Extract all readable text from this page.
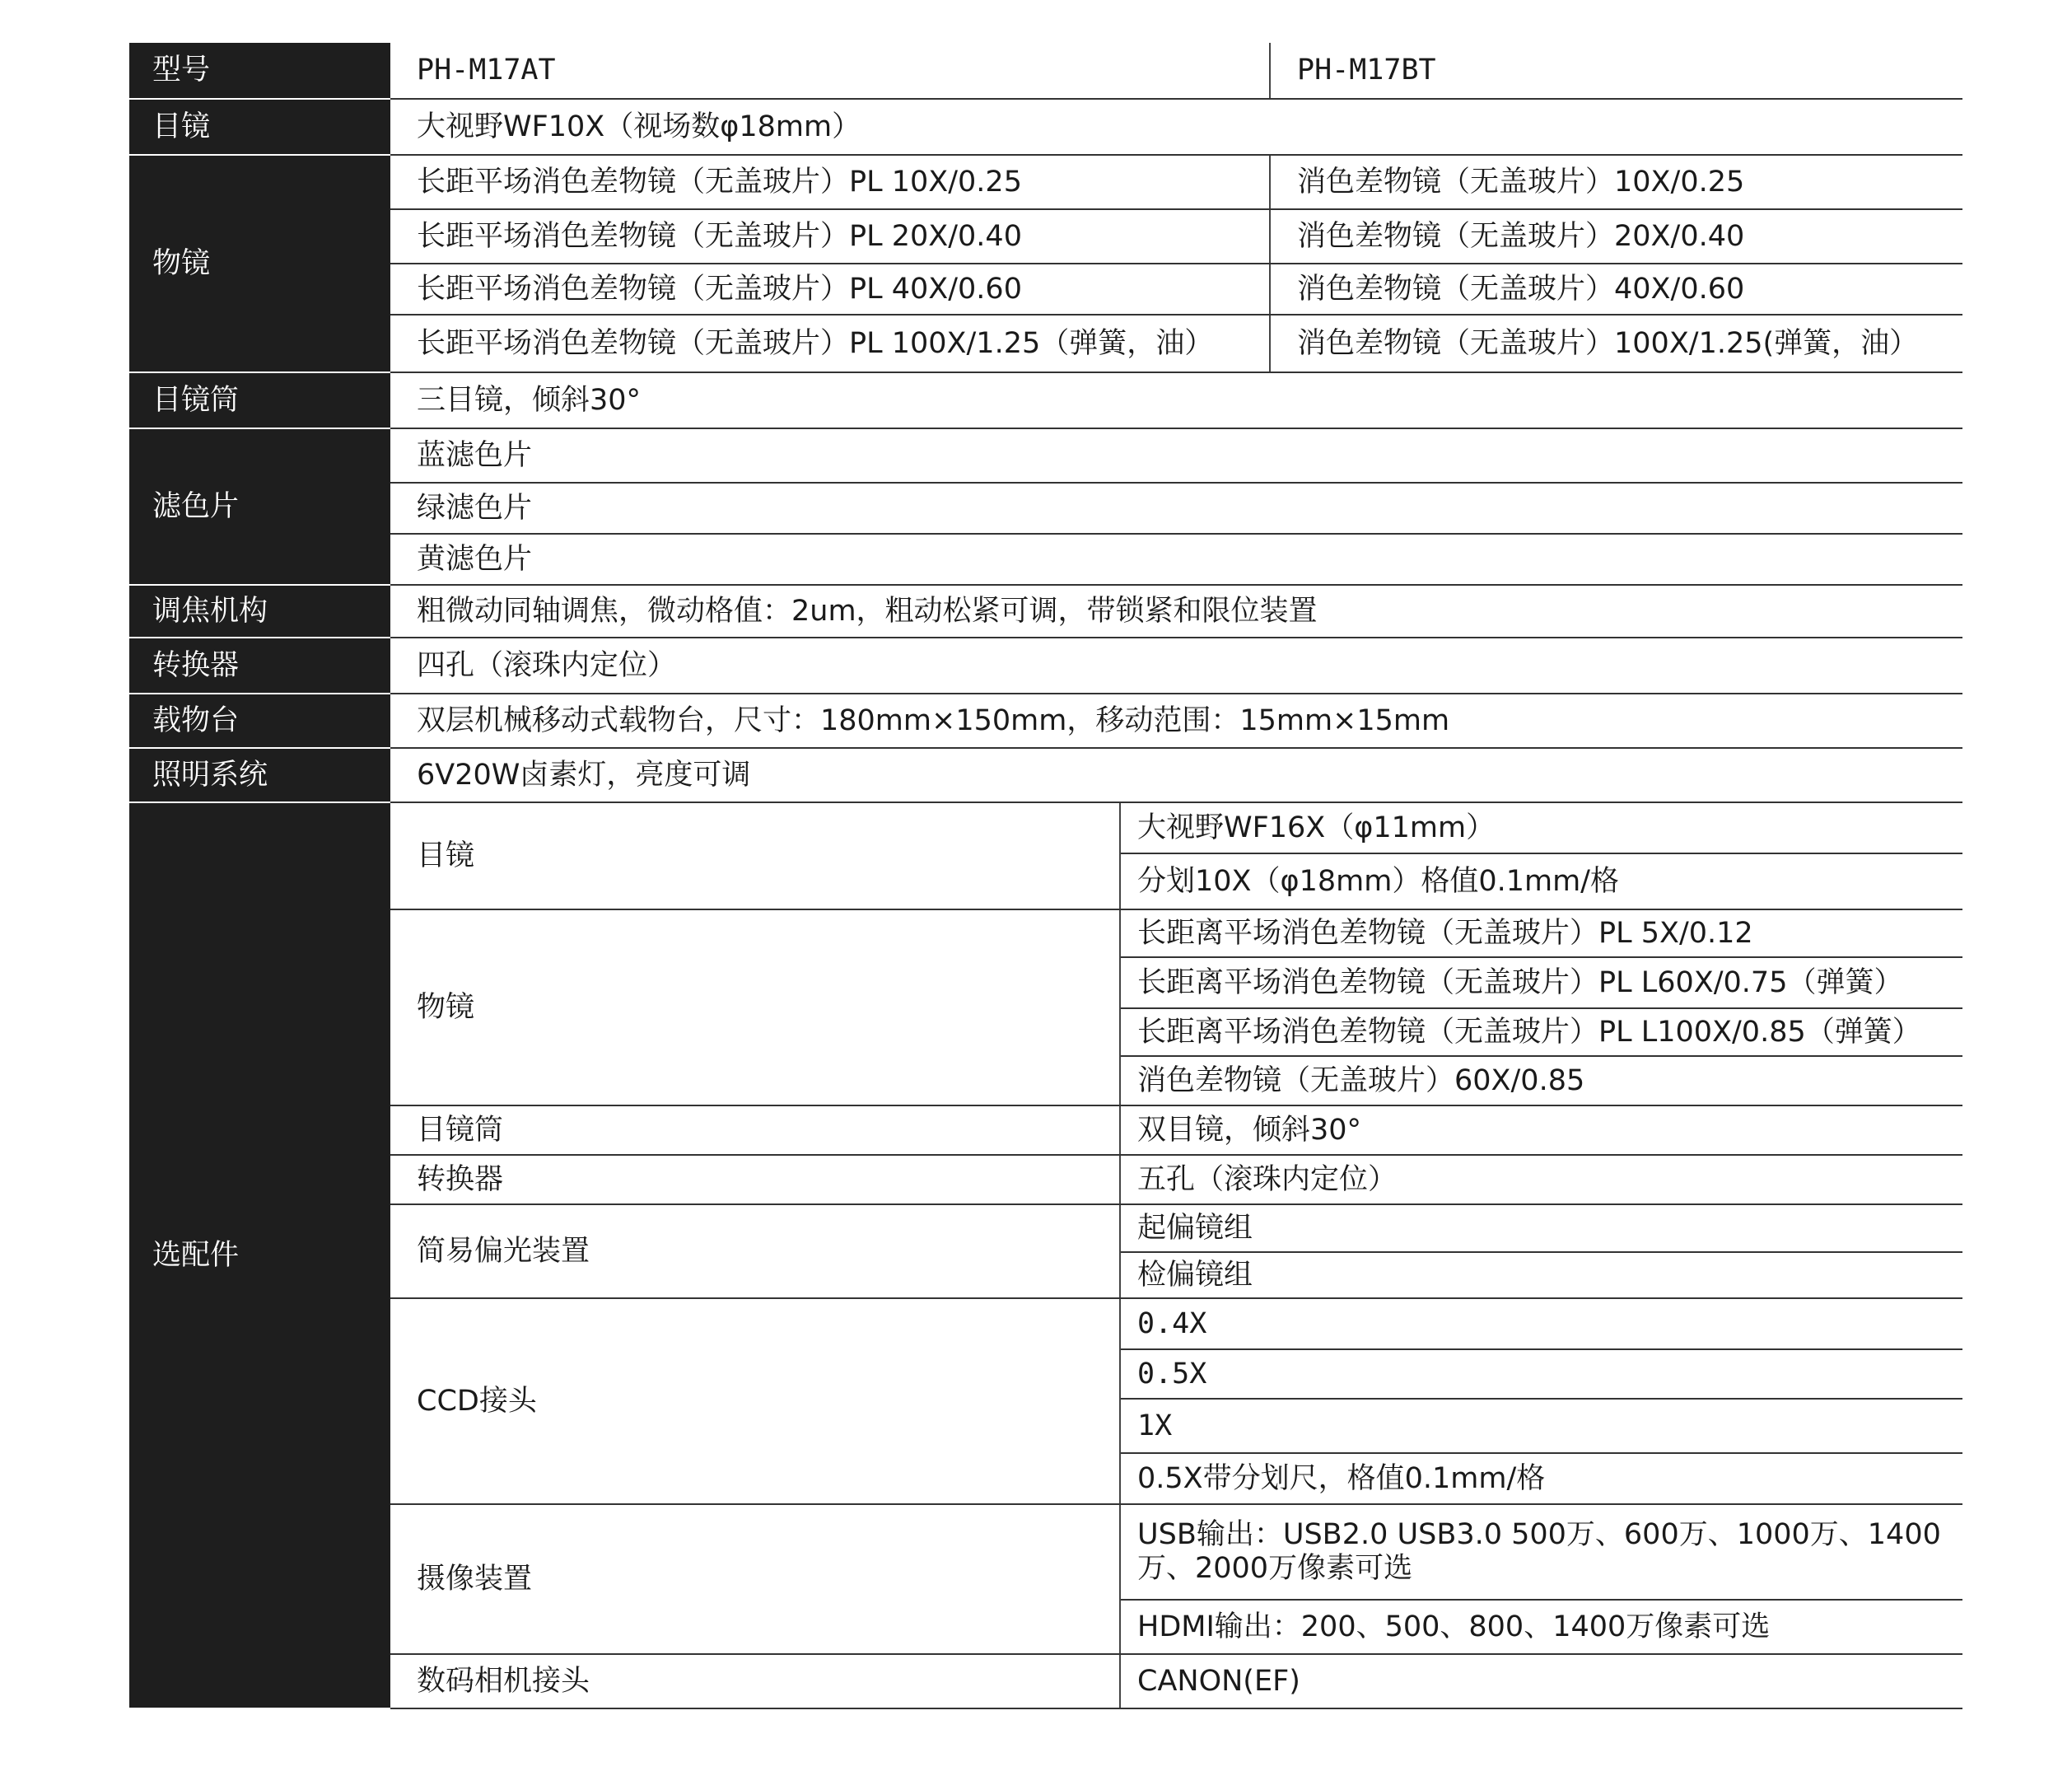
型号	PH-M17AT		PH-M17BT
目镜	大视野WF10X（视场数φ18mm）		
物镜	长距平场消色差物镜（无盖玻片）PL 10X/0.25		消色差物镜（无盖玻片）10X/0.25
	长距平场消色差物镜（无盖玻片）PL 20X/0.40		消色差物镜（无盖玻片）20X/0.40
	长距平场消色差物镜（无盖玻片）PL 40X/0.60		消色差物镜（无盖玻片）40X/0.60
	长距平场消色差物镜（无盖玻片）PL 100X/1.25（弹簧，油）		消色差物镜（无盖玻片）100X/1.25(弹簧，油）
目镜筒	三目镜，倾斜30°		
滤色片	蓝滤色片		
	绿滤色片		
	黄滤色片		
调焦机构	粗微动同轴调焦，微动格值：2um，粗动松紧可调，带锁紧和限位装置		
转换器	四孔（滚珠内定位）		
载物台	双层机械移动式载物台，尺寸：180mm×150mm，移动范围：15mm×15mm		
照明系统	6V20W卤素灯，亮度可调		
选配件	目镜	大视野WF16X（φ11mm）	
		分划10X（φ18mm）格值0.1mm/格	
	物镜	长距离平场消色差物镜（无盖玻片）PL 5X/0.12	
		长距离平场消色差物镜（无盖玻片）PL L60X/0.75（弹簧）	
		长距离平场消色差物镜（无盖玻片）PL L100X/0.85（弹簧）	
		消色差物镜（无盖玻片）60X/0.85	
	目镜筒	双目镜，倾斜30°	
	转换器	五孔（滚珠内定位）	
	简易偏光装置	起偏镜组	
		检偏镜组	
	CCD接头	0.4X	
		0.5X	
		1X	
		0.5X带分划尺，格值0.1mm/格	
	摄像装置	USB输出：USB2.0 USB3.0 500万、600万、1000万、1400万、2000万像素可选	
		HDMI输出：200、500、800、1400万像素可选	
	数码相机接头	CANON(EF)	
